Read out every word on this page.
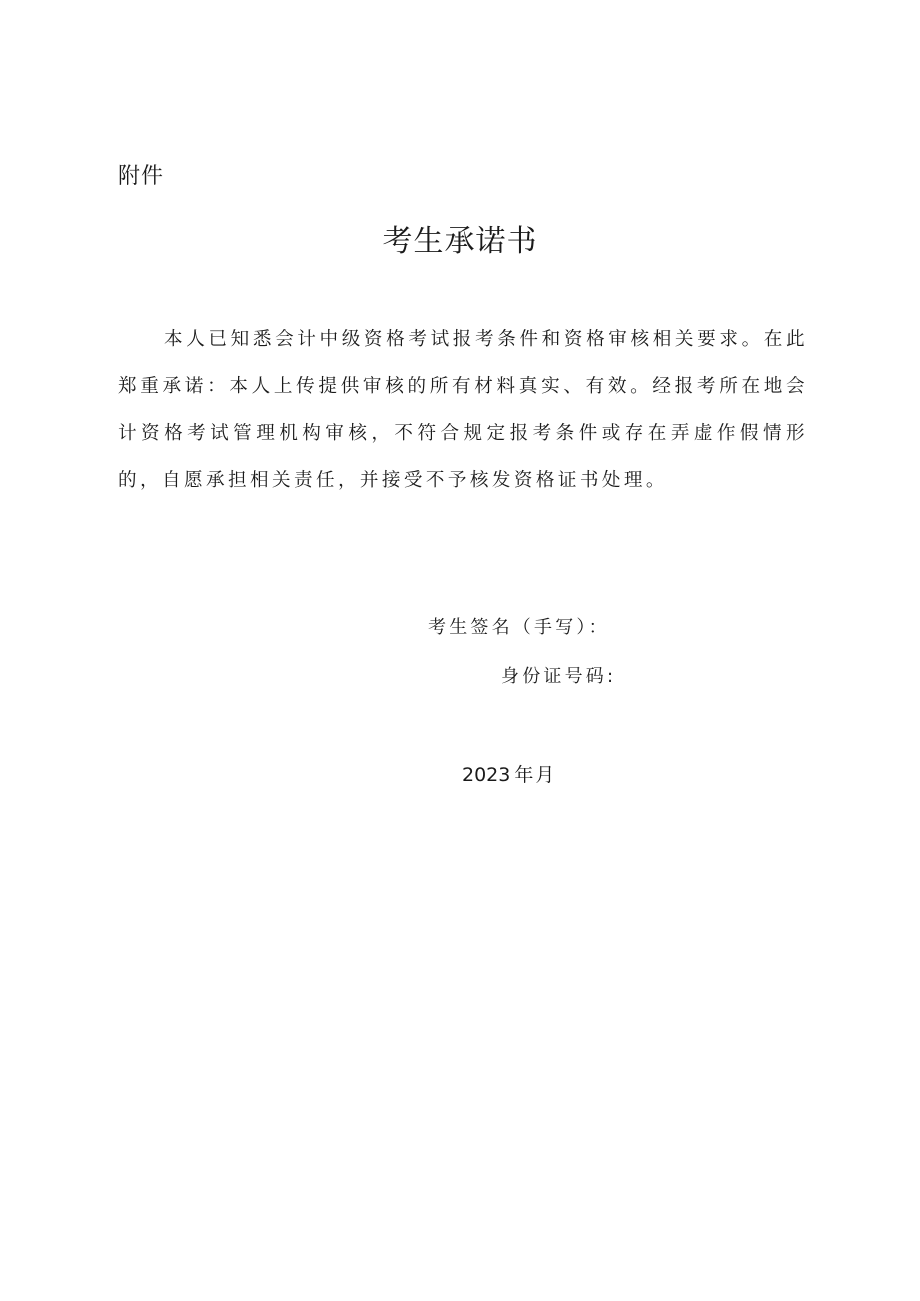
附件
考生承诺书

本人已知悉会计中级资格考试报考条件和资格审核相关要求。在此郑重承诺：本人上传提供审核的所有材料真实、有效。经报考所在地会计资格考试管理机构审核，不符合规定报考条件或存在弄虚作假情形的，自愿承担相关责任，并接受不予核发资格证书处理。

考生签名（手写）：
身份证号码:
2023 年月
